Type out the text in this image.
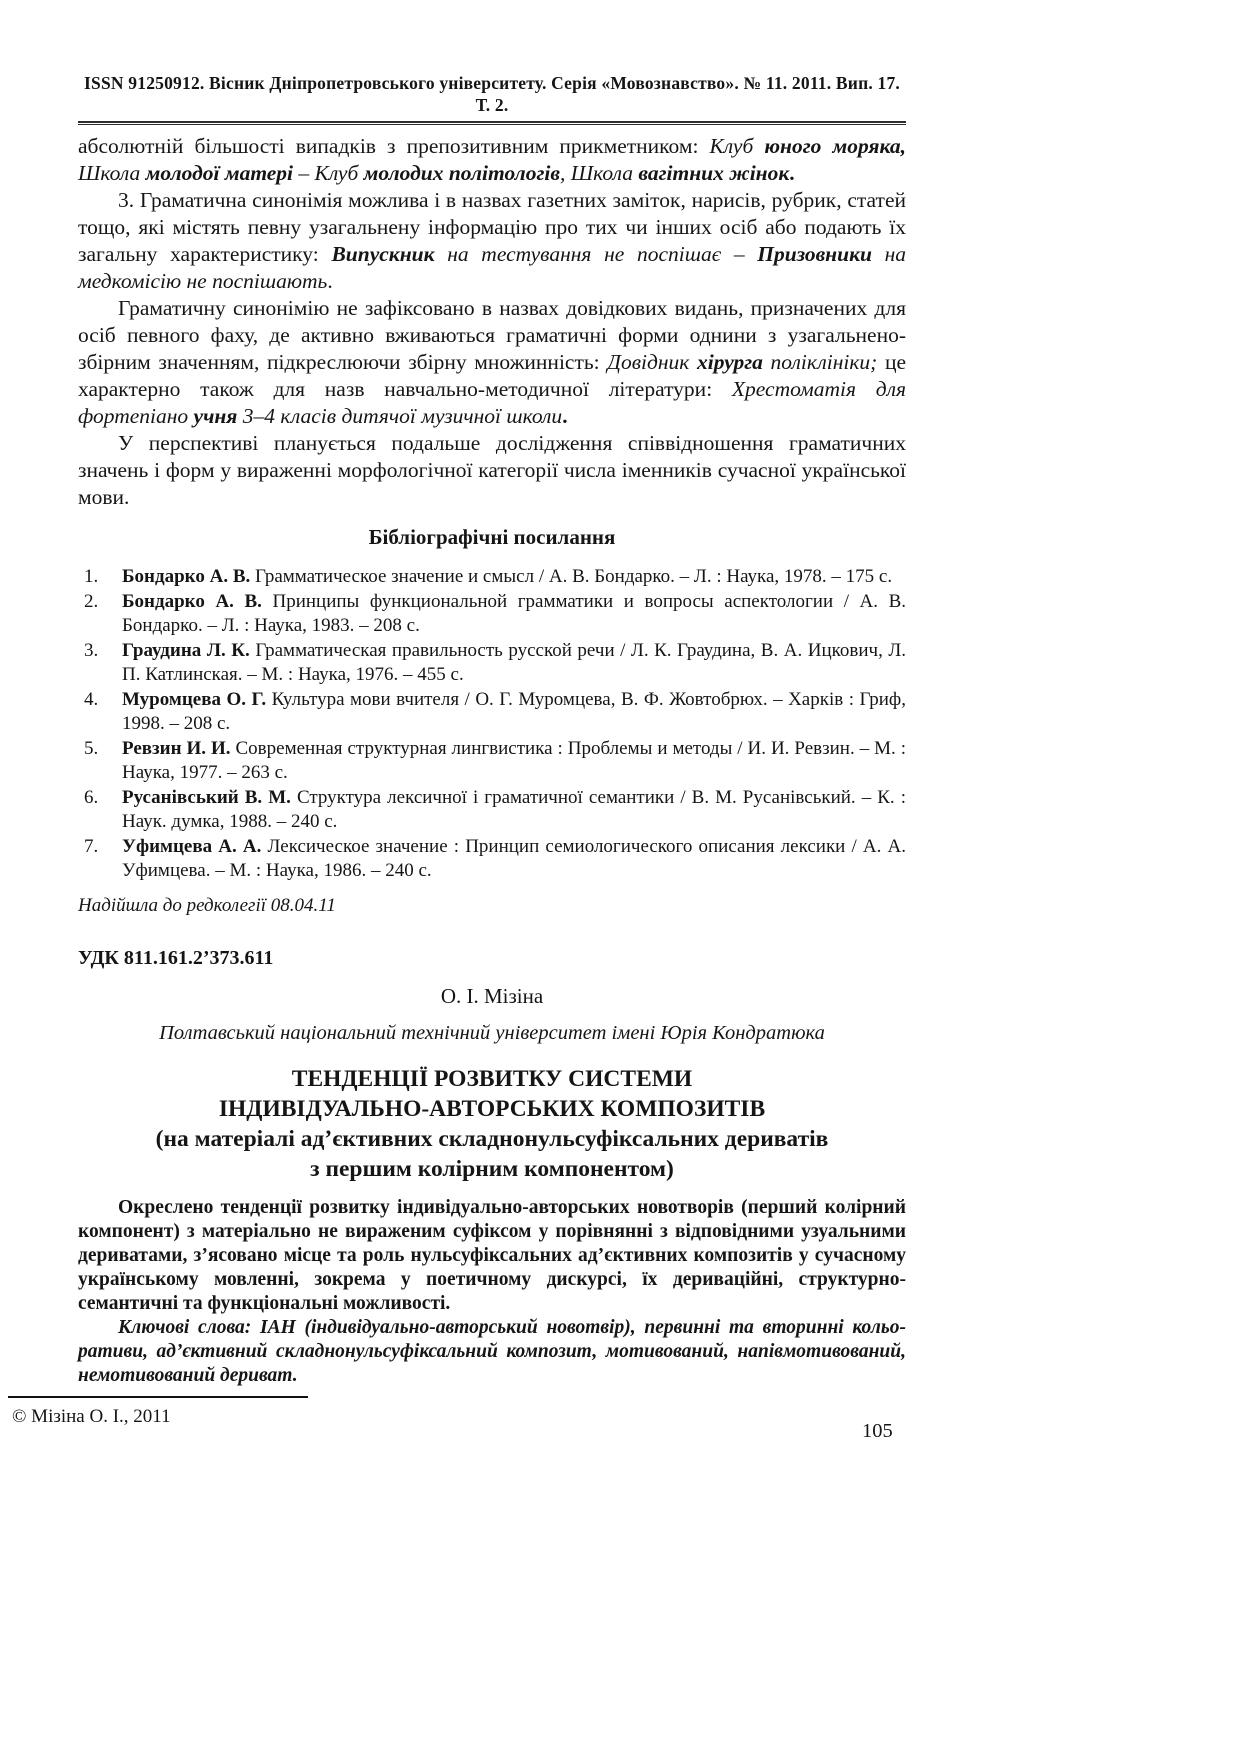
ISSN 91250912. Вісник Дніпропетровського університету. Серія «Мовознавство». № 11. 2011. Вип. 17. Т. 2.

абсолютній більшості випадків з препозитивним прикметником: Клуб юного моряка, Школа молодої матері – Клуб молодих політологів, Школа вагітних жінок.

3. Граматична синонімія можлива і в назвах газетних заміток, нарисів, рубрик, статей тощо, які містять певну узагальнену інформацію про тих чи інших осіб або подають їх загальну характеристику: Випускник на тестування не поспішає – Призовники на медкомісію не поспішають.

Граматичну синонімію не зафіксовано в назвах довідкових видань, призначених для осіб певного фаху, де активно вживаються граматичні форми однини з узагальнено-збірним значенням, підкреслюючи збірну множинність: Довідник хірурга поліклініки; це характерно також для назв навчально-методичної літератури: Хрестоматія для фортепіано учня 3–4 класів дитячої музичної школи.

У перспективі планується подальше дослідження співвідношення граматичних значень і форм у вираженні морфологічної категорії числа іменників сучасної української мови.

Бібліографічні посилання
1. Бондарко А. В. Грамматическое значение и смысл / А. В. Бондарко. – Л. : Наука, 1978. – 175 с.
2. Бондарко А. В. Принципы функциональной грамматики и вопросы аспектологии / А. В. Бондарко. – Л. : Наука, 1983. – 208 с.
3. Граудина Л. К. Грамматическая правильность русской речи / Л. К. Граудина, В. А. Ицкович, Л. П. Катлинская. – М. : Наука, 1976. – 455 с.
4. Муромцева О. Г. Культура мови вчителя / О. Г. Муромцева, В. Ф. Жовтобрюх. – Харків : Гриф, 1998. – 208 с.
5. Ревзин И. И. Современная структурная лингвистика : Проблемы и методы / И. И. Ревзин. – М. : Наука, 1977. – 263 с.
6. Русанівський В. М. Структура лексичної і граматичної семантики / В. М. Русанівський. – К. : Наук. думка, 1988. – 240 с.
7. Уфимцева А. А. Лексическое значение : Принцип семиологического описания лексики / А. А. Уфимцева. – М. : Наука, 1986. – 240 с.
Надійшла до редколегії 08.04.11
УДК 811.161.2’373.611
О. І. Мізіна
Полтавський національний технічний університет імені Юрія Кондратюка
ТЕНДЕНЦІЇ РОЗВИТКУ СИСТЕМИ
ІНДИВІДУАЛЬНО-АВТОРСЬКИХ КОМПОЗИТІВ
(на матеріалі ад’єктивних складнонульсуфіксальних дериватів
з першим колірним компонентом)
Окреслено тенденції розвитку індивідуально-авторських новотворів (перший колірний компонент) з матеріально не вираженим суфіксом у порівнянні з відповідними узуальними дериватами, з’ясовано місце та роль нульсуфіксальних ад’єктивних композитів у сучасному українському мовленні, зокрема у поетичному дискурсі, їх дериваційні, структурно-семантичні та функціональні можливості.
Ключові слова: ІАН (індивідуально-авторський новотвір), первинні та вторинні кольоративи, ад’єктивний складнонульсуфіксальний композит, мотивований, напівмотивований, немотивований дериват.
© Мізіна О. І., 2011
105
